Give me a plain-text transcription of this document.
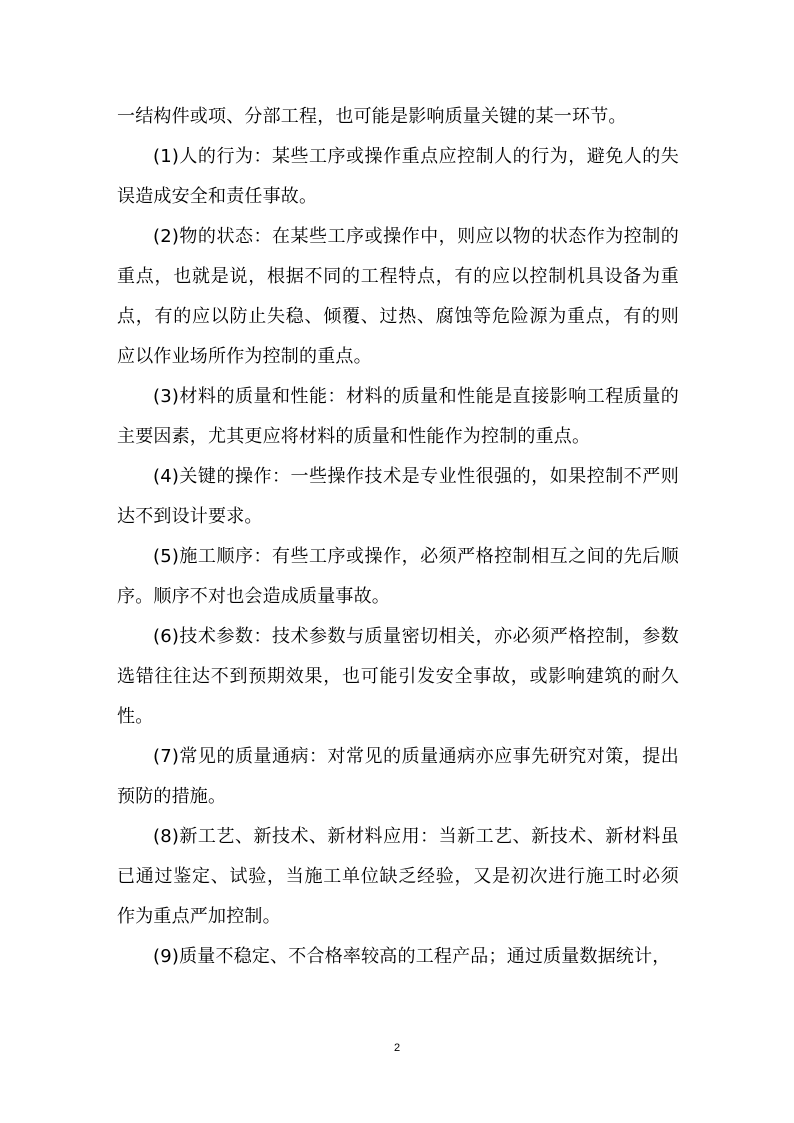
一结构件或项、分部工程，也可能是影响质量关键的某一环节。

(1)人的行为：某些工序或操作重点应控制人的行为，避免人的失误造成安全和责任事故。

(2)物的状态：在某些工序或操作中，则应以物的状态作为控制的重点，也就是说，根据不同的工程特点，有的应以控制机具设备为重点，有的应以防止失稳、倾覆、过热、腐蚀等危险源为重点，有的则应以作业场所作为控制的重点。

(3)材料的质量和性能：材料的质量和性能是直接影响工程质量的主要因素，尤其更应将材料的质量和性能作为控制的重点。

(4)关键的操作：一些操作技术是专业性很强的，如果控制不严则达不到设计要求。

(5)施工顺序：有些工序或操作，必须严格控制相互之间的先后顺序。顺序不对也会造成质量事故。

(6)技术参数：技术参数与质量密切相关，亦必须严格控制，参数选错往往达不到预期效果，也可能引发安全事故，或影响建筑的耐久性。

(7)常见的质量通病：对常见的质量通病亦应事先研究对策，提出预防的措施。

(8)新工艺、新技术、新材料应用：当新工艺、新技术、新材料虽已通过鉴定、试验，当施工单位缺乏经验，又是初次进行施工时必须作为重点严加控制。

(9)质量不稳定、不合格率较高的工程产品；通过质量数据统计，

2
